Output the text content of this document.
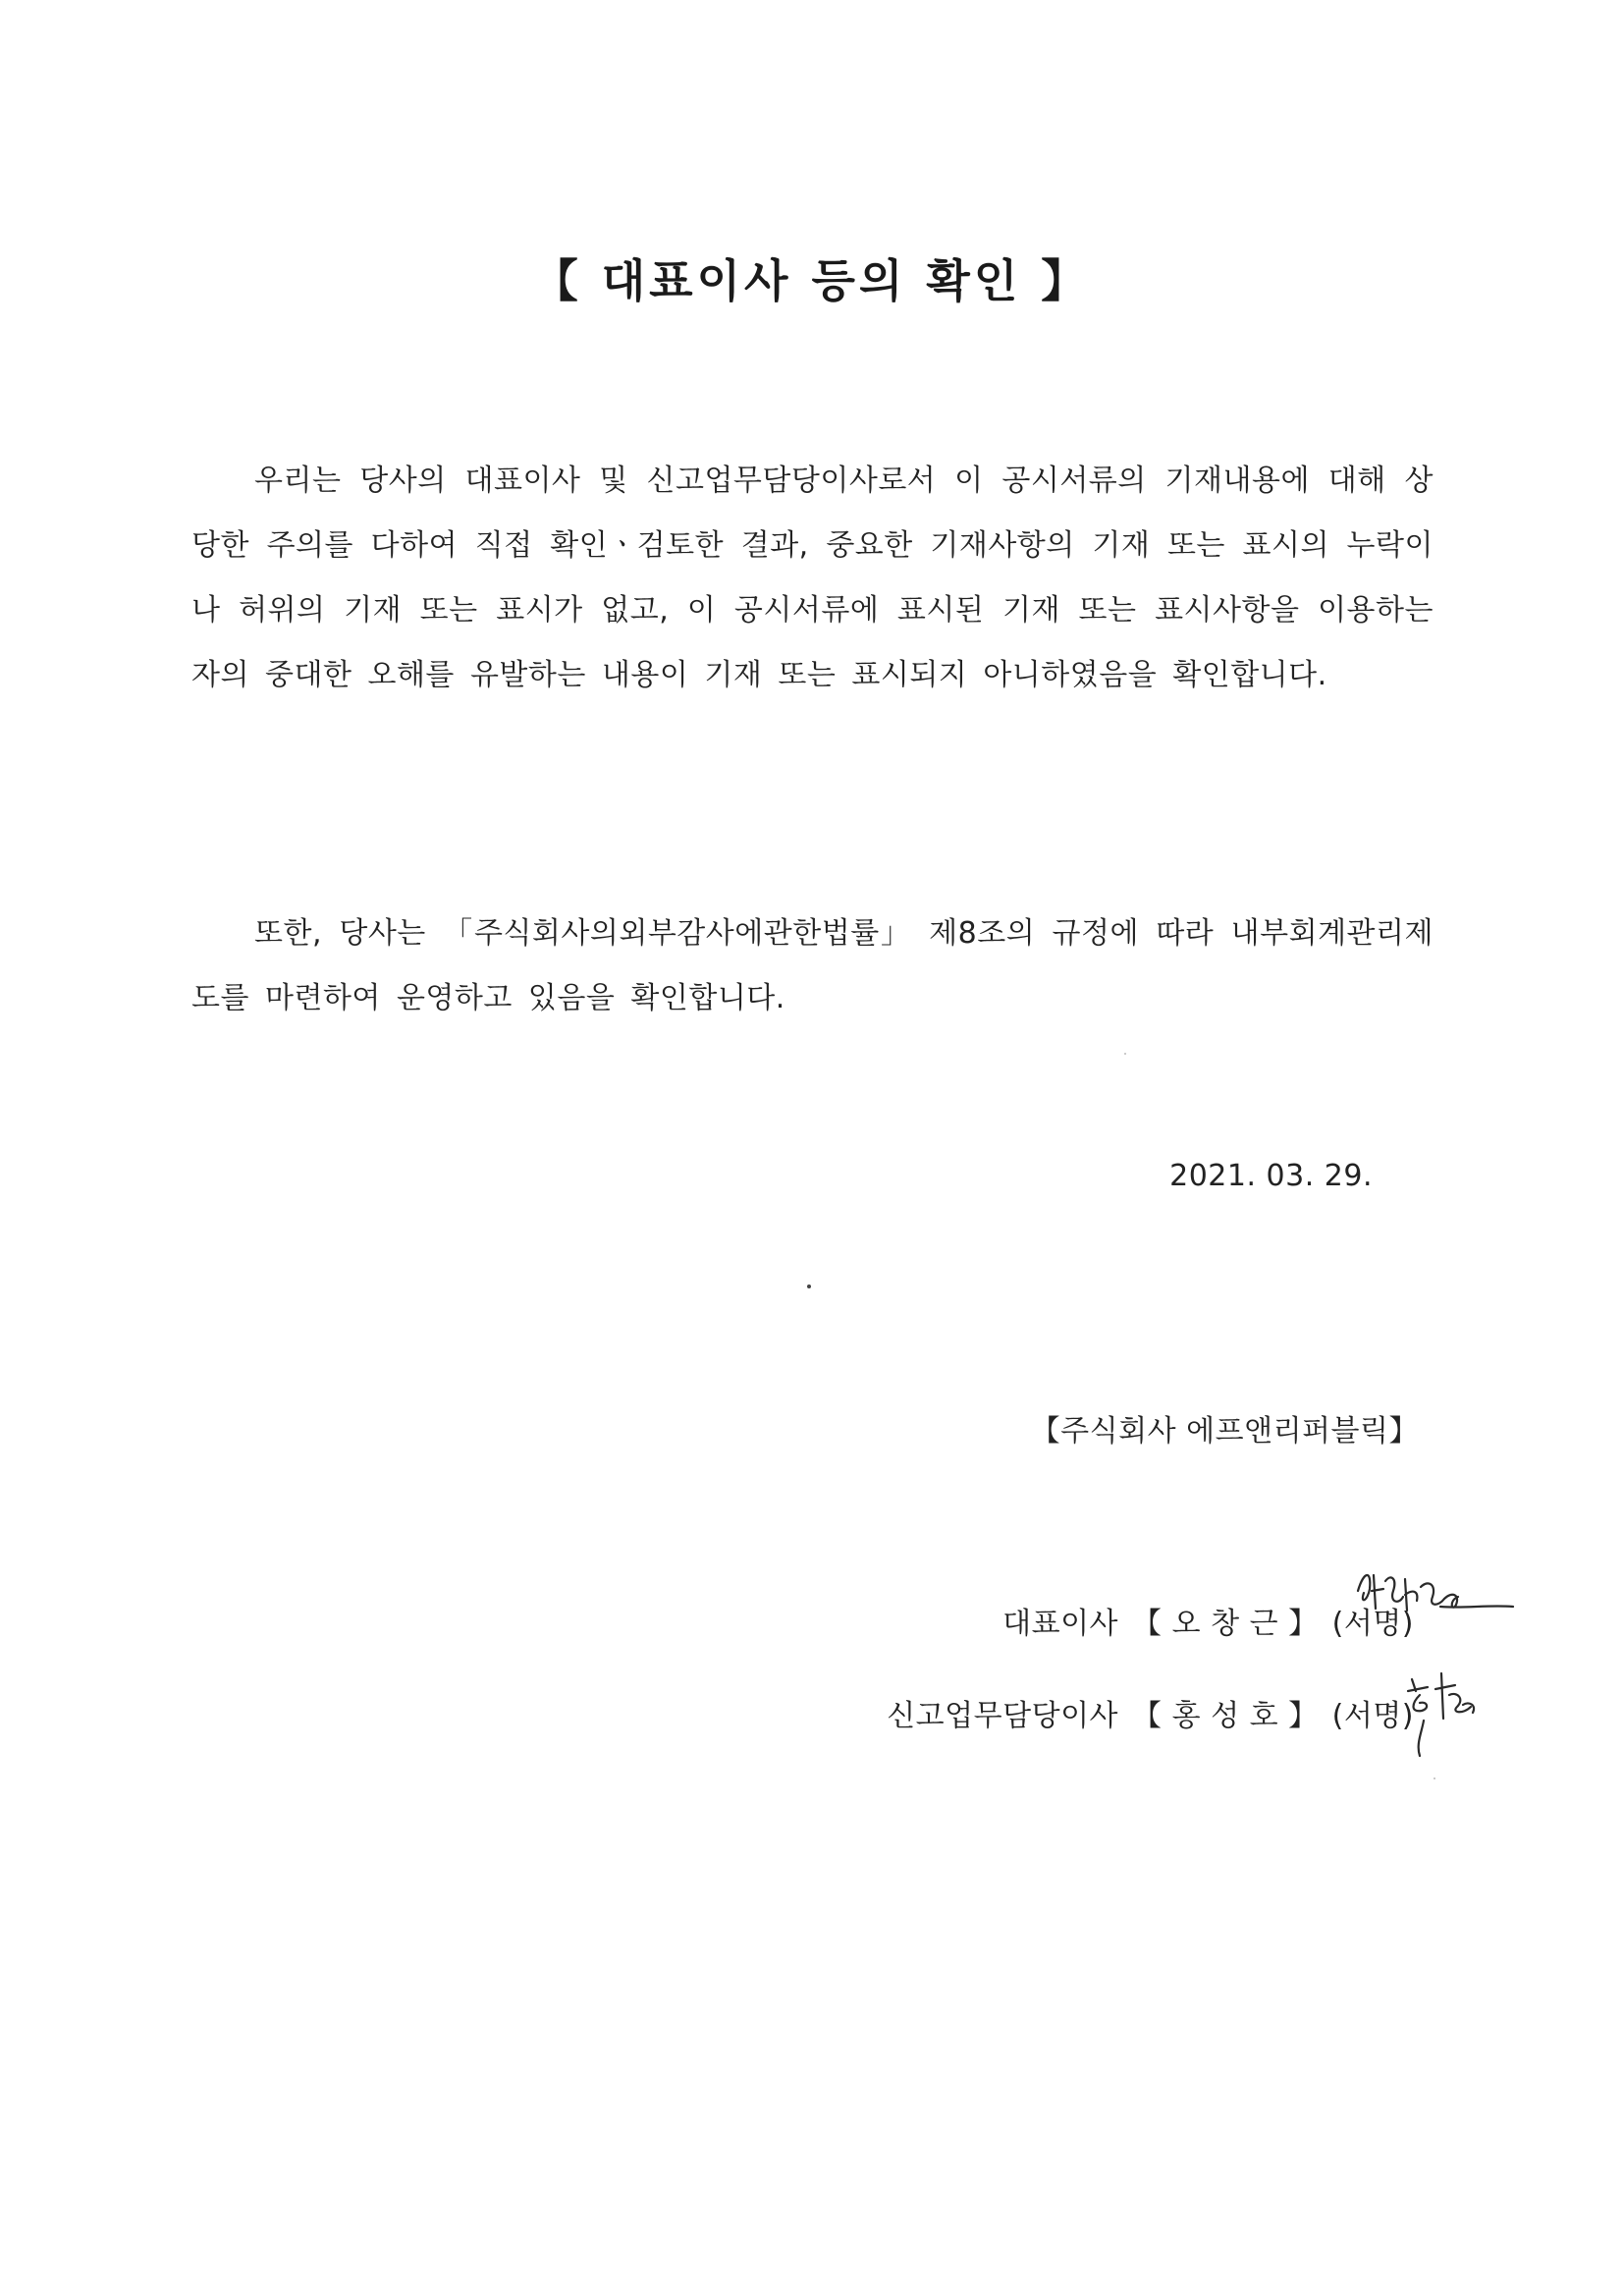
【 대표이사 등의 확인 】

우리는 당사의 대표이사 및 신고업무담당이사로서 이 공시서류의 기재내용에 대해 상당한 주의를 다하여 직접 확인ㆍ검토한 결과, 중요한 기재사항의 기재 또는 표시의 누락이나 허위의 기재 또는 표시가 없고, 이 공시서류에 표시된 기재 또는 표시사항을 이용하는 자의 중대한 오해를 유발하는 내용이 기재 또는 표시되지 아니하였음을 확인합니다.

또한, 당사는 「주식회사의외부감사에관한법률」 제8조의 규정에 따라 내부회계관리제도를 마련하여 운영하고 있음을 확인합니다.

2021. 03. 29.
【주식회사 에프앤리퍼블릭】
대표이사 【 오 창 근 】 (서명)
신고업무담당이사 【 홍 성 호 】 (서명)
